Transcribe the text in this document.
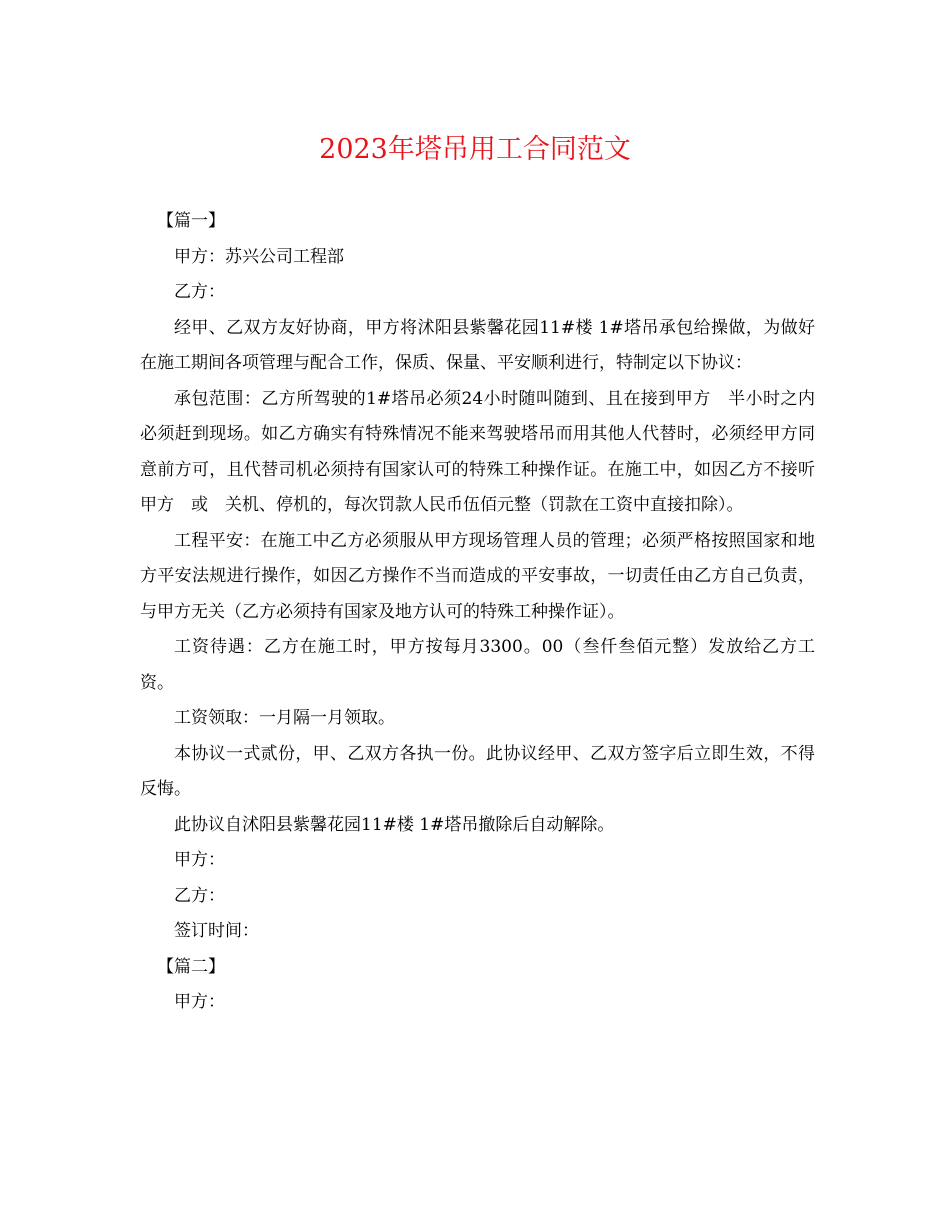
2023年塔吊用工合同范文

【篇一】

甲方：苏兴公司工程部

乙方：

经甲、乙双方友好协商，甲方将沭阳县紫馨花园11#楼 1#塔吊承包给操做，为做好在施工期间各项管理与配合工作，保质、保量、平安顺利进行，特制定以下协议：

承包范围：乙方所驾驶的1#塔吊必须24小时随叫随到、且在接到甲方　半小时之内必须赶到现场。如乙方确实有特殊情况不能来驾驶塔吊而用其他人代替时，必须经甲方同意前方可，且代替司机必须持有国家认可的特殊工种操作证。在施工中，如因乙方不接听甲方　或　关机、停机的，每次罚款人民币伍佰元整（罚款在工资中直接扣除）。

工程平安：在施工中乙方必须服从甲方现场管理人员的管理；必须严格按照国家和地方平安法规进行操作，如因乙方操作不当而造成的平安事故，一切责任由乙方自己负责，与甲方无关（乙方必须持有国家及地方认可的特殊工种操作证）。

工资待遇：乙方在施工时，甲方按每月3300。00（叁仟叁佰元整）发放给乙方工资。

工资领取：一月隔一月领取。

本协议一式贰份，甲、乙双方各执一份。此协议经甲、乙双方签字后立即生效，不得反悔。

此协议自沭阳县紫馨花园11#楼 1#塔吊撤除后自动解除。

甲方：

乙方：

签订时间：

【篇二】

甲方：
